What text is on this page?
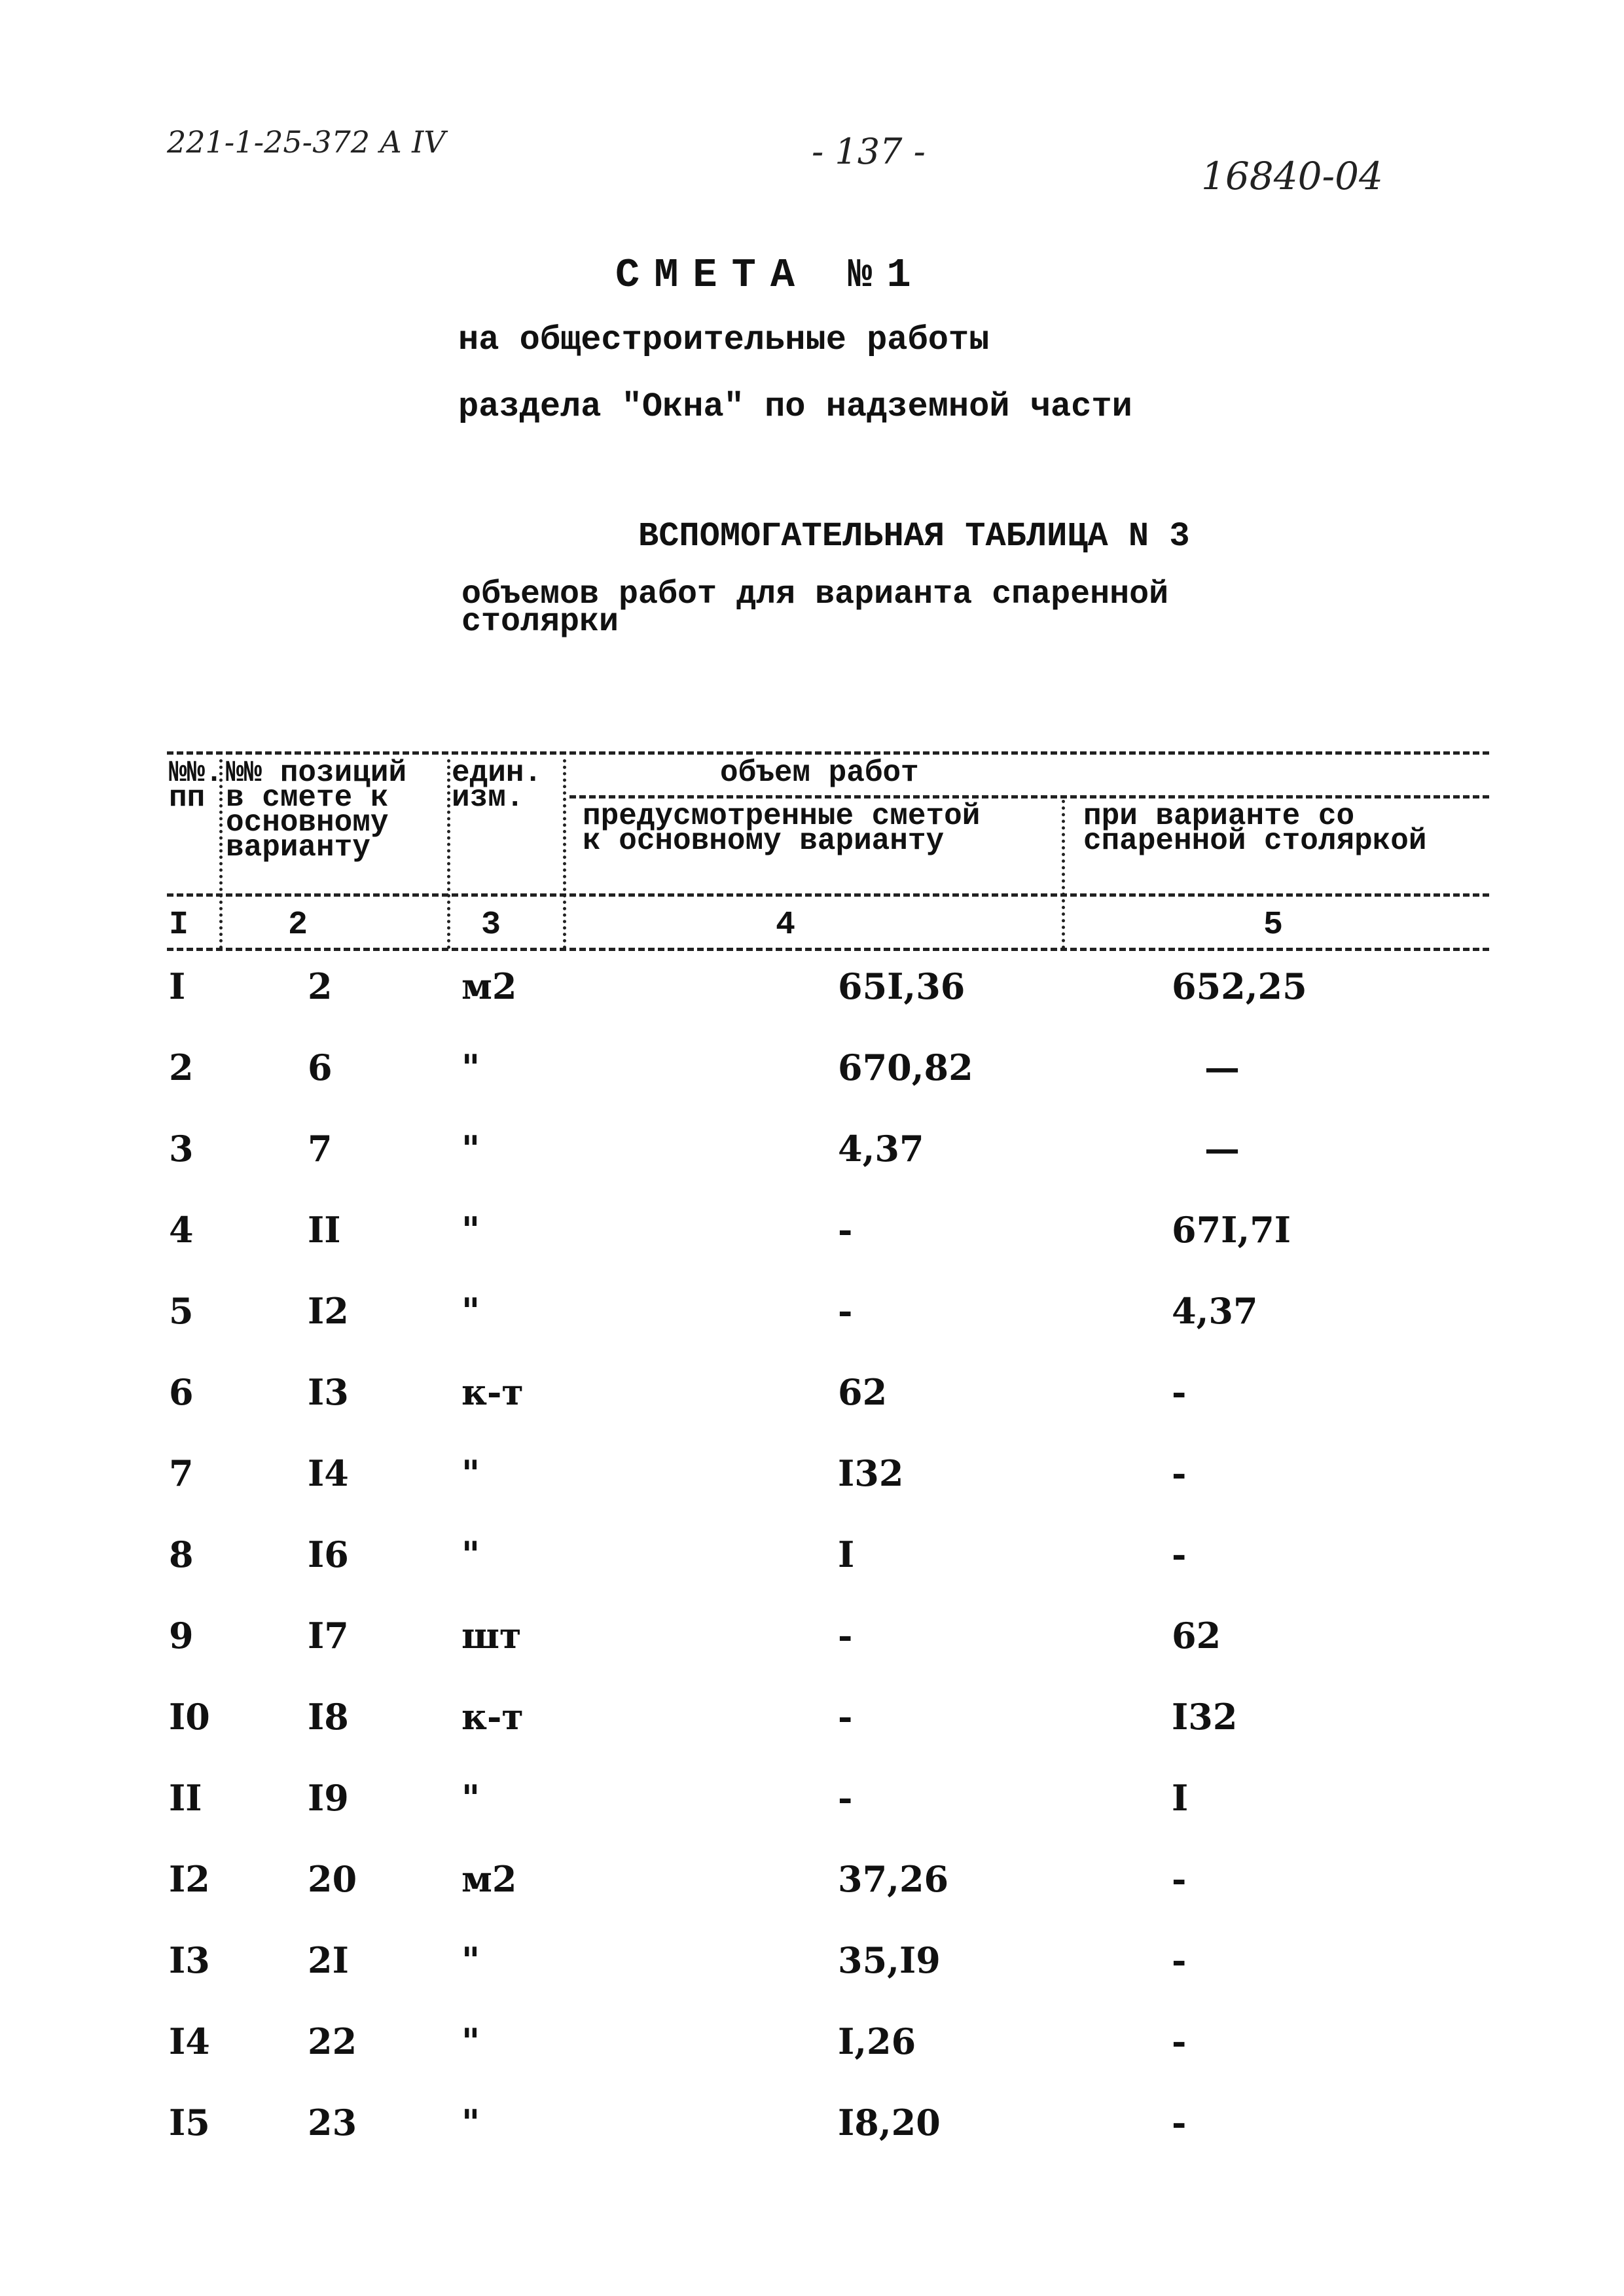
221-1-25-372 А IV	- 137 -
16840-04
СМЕТА №1
на общестроительные работы
раздела "Окна" по надземной части
ВСПОМОГАТЕЛЬНАЯ ТАБЛИЦА N 3
объемов работ для варианта спаренной столярки
№№.
пп
№№ позиций
в смете к
основному
варианту
един.
изм.
объем работ
предусмотренные сметой
к основному варианту
при варианте со
спаренной столяркой
I	2	3	4	5
I	2	м2	65I,36	652,25
2	6	"	670,82	—
3	7	"	4,37	—
4	II	"	-	67I,7I
5	I2	"	-	4,37
6	I3	к-т	62	-
7	I4	"	I32	-
8	I6	"	I	-
9	I7	шт	-	62
I0	I8	к-т	-	I32
II	I9	"	-	I
I2	20	м2	37,26	-
I3	2I	"	35,I9	-
I4	22	"	I,26	-
I5	23	"	I8,20	-
